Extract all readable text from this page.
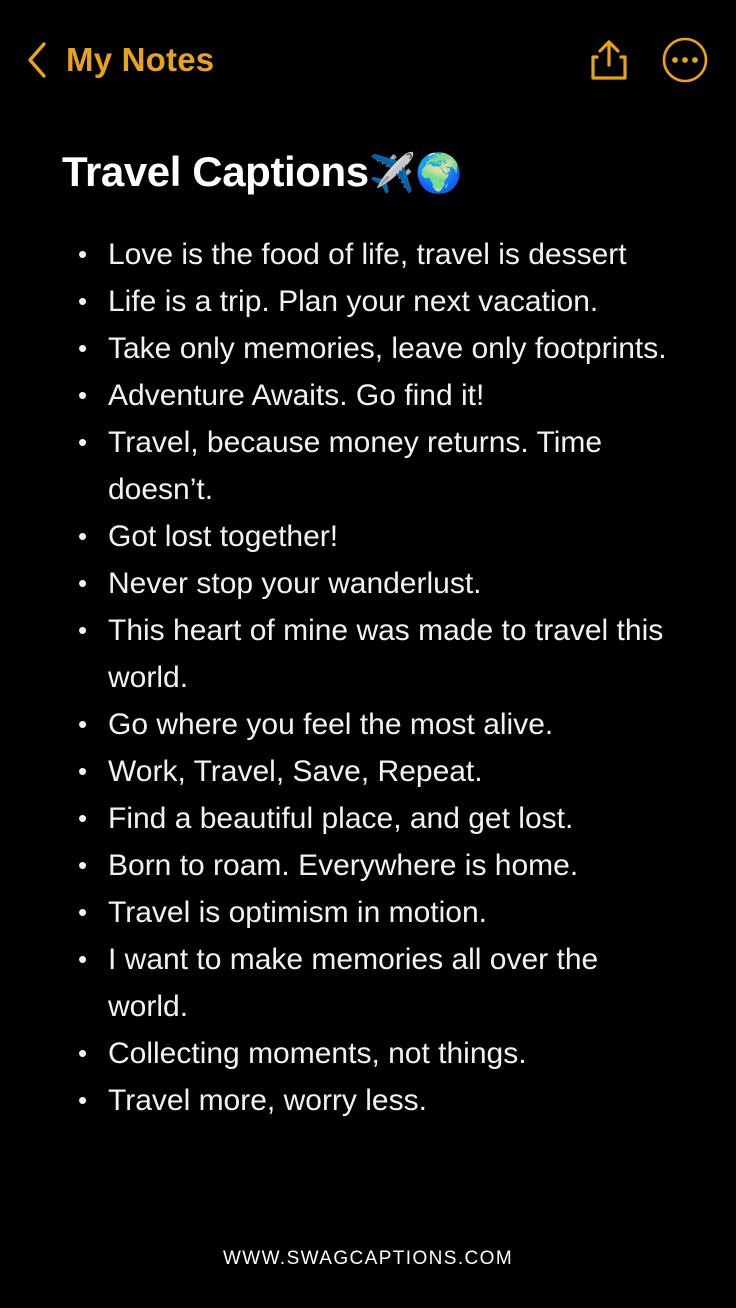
My Notes
Travel Captions✈️🌍
• Love is the food of life, travel is dessert
• Life is a trip. Plan your next vacation.
• Take only memories, leave only footprints.
• Adventure Awaits. Go find it!
• Travel, because money returns. Time doesn’t.
• Got lost together!
• Never stop your wanderlust.
• This heart of mine was made to travel this world.
• Go where you feel the most alive.
• Work, Travel, Save, Repeat.
• Find a beautiful place, and get lost.
• Born to roam. Everywhere is home.
• Travel is optimism in motion.
• I want to make memories all over the world.
• Collecting moments, not things.
• Travel more, worry less.
WWW.SWAGCAPTIONS.COM
